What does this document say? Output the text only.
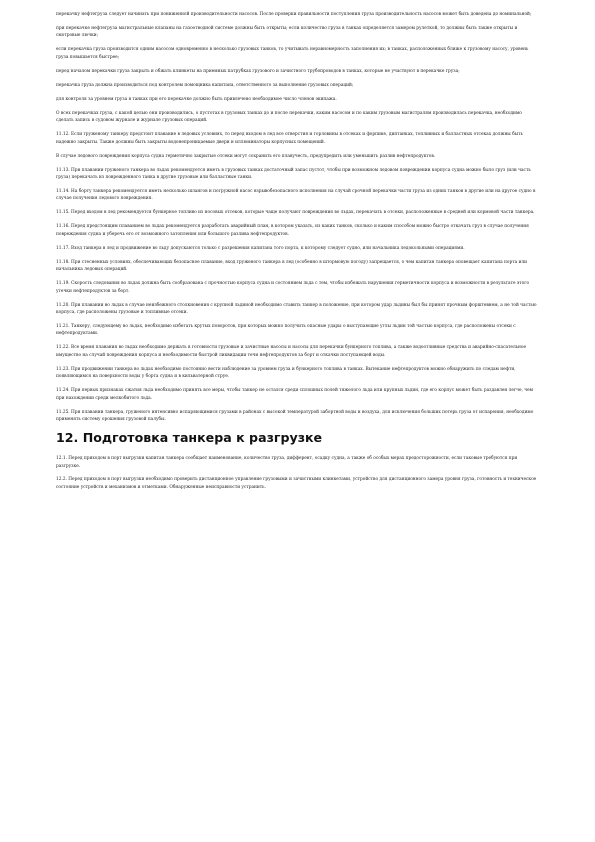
перекачку нефтегруза следует начинать при пониженной производительности насосов. После проверки правильности поступления груза производительность насосов может быть доведена до номинальной;

при перекачке нефтегруза магистральные клапаны на газоотводной системе должны быть открыты; если количество груза в танках определяется замером рулеткой, то должны быть также открыты и смотровые лючки;

если перекачка груза производится одним насосом одновременно в несколько грузовых танков, то учитывать неравномерность заполнения их; в танках, расположенных ближе к грузовому насосу, уровень груза повышается быстрее;

перед началом перекачки груза закрыть и обжать клинкеты на приемных патрубках грузового и зачистного трубопроводов в танках, которые не участвуют в перекачке груза;

перекачка груза должна производиться под контролем помощника капитана, ответственного за выполнение грузовых операций;

для контроля за уровнем груза в танках при его перекачке должно быть привлечено необходимое число членов экипажа.

О всех перекачках груза, с какой целью они производились, о пустотах в грузовых танках до и после перекачки, каким насосом и по каким грузовым магистралям производилась перекачка, необходимо сделать запись в судовом журнале и журнале грузовых операций.

11.12. Если груженому танкеру предстоит плавание в ледовых условиях, то перед входом в лед все отверстия и горловины в отсеках и форпике, диптанках, топливных и балластных отсеках должны быть надежно закрыты. Также должны быть закрыты водонепроницаемые двери и иллюминаторы корпусных помещений.

В случае ледового повреждения корпуса судна герметично закрытые отсеки могут сохранить его плавучесть, предупредить или уменьшить разлив нефтепродуктов.

11.13. При плавании груженого танкера во льдах рекомендуется иметь в грузовых танках достаточный запас пустот, чтобы при возможном ледовом повреждении корпуса судна можно было груз (или часть груза) перекачать из поврежденного танка в другие грузовые или балластные танки.

11.14. На борту танкера рекомендуется иметь несколько шлангов и погружной насос взрывобезопасного исполнения на случай срочной перекачки части груза из одних танков в другие или на другое судно в случае получения ледового повреждения.

11.15. Перед входом в лед рекомендуется бункерное топливо из носовых отсеков, которые чаще получают повреждения во льдах, перекачать в отсеки, расположенные в средней или кормовой части танкера.

11.16. Перед предстоящим плаванием во льдах рекомендуется разработать аварийный план, в котором указать, из каких танков, сколько и каким способом можно быстро откачать груз в случае получения повреждения судна и уберечь его от возможного затопления или большого разлива нефтепродуктов.

11.17. Вход танкера в лед и продвижение во льду допускаются только с разрешения капитана того порта, к которому следует судно, или начальника ледокольными операциями.

11.18. При стесненных условиях, обеспечивающих безопасное плавание, вход груженого танкера в лед (особенно в штормовую погоду) запрещается, о чем капитан танкера оповещает капитана порта или начальника ледовых операций.

11.19. Скорость следования во льдах должна быть сообразована с прочностью корпуса судна и состоянием льда с тем, чтобы избежать нарушения герметичности корпуса и возможности в результате этого утечки нефтепродуктов за борт.

11.20. При плавании во льдах в случае неизбежного столкновения с крупной льдиной необходимо ставить танкер в положение, при котором удар льдины был бы принят прочным форштевнем, а не той частью корпуса, где расположены грузовые и топливные отсеки.

11.21. Танкеру, следующему во льдах, необходимо избегать крутых поворотов, при которых можно получить опасные удары о выступающие углы льдин той частью корпуса, где расположены отсеки с нефтепродуктами.

11.22. Все время плавания во льдах необходимо держать в готовности грузовые и зачистные насосы и насосы для перекачки бункерного топлива, а также водоотливные средства и аварийно-спасательное имущество на случай повреждения корпуса и необходимости быстрой ликвидации течи нефтепродуктов за борт и откачки поступающей воды.

11.23. При продвижении танкера во льдах необходимо постоянно вести наблюдение за уровнем груза и бункерного топлива в танках. Вытекание нефтепродуктов можно обнаружить по следам нефти, появляющимся на поверхности воды у борта судна и в кильватерной струе.

11.24. При первых признаках сжатия льда необходимо принять все меры, чтобы танкер не остался среди сплошных полей тяжелого льда или крупных льдин, где его корпус может быть раздавлен легче, чем при нахождении среди мелкобитого льда.

11.25. При плавании танкера, груженого интенсивно испаряющимися грузами в районах с высокой температурой забортной воды и воздуха, для исключения больших потерь груза от испарения, необходимо применять систему орошения грузовой палубы.

12. Подготовка танкера к разгрузке

12.1. Перед приходом в порт выгрузки капитан танкера сообщает наименование, количество груза, дифферент, осадку судна, а также об особых мерах предосторожности, если таковые требуются при разгрузке.

12.2. Перед приходом в порт выгрузки необходимо проверить дистанционное управление грузовыми и зачистными клинкетами, устройство для дистанционного замера уровня груза, готовность и техническое состояние устройств и механизмов и отметками. Обнаруженные неисправности устранить.
